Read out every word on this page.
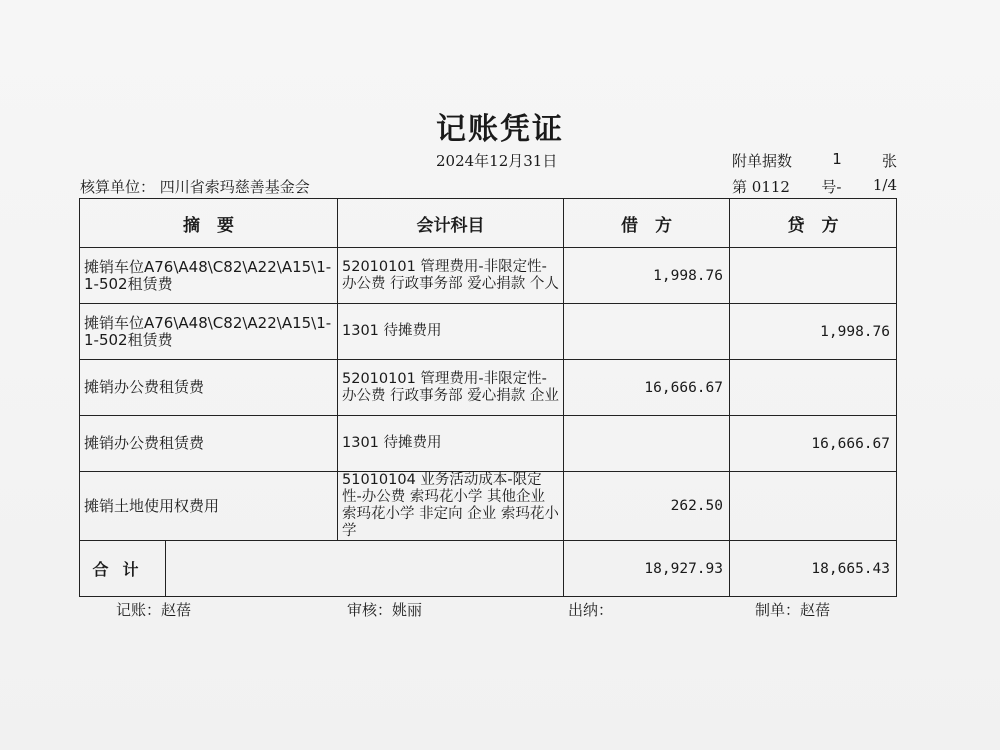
记账凭证
2024年12月31日	附单据数	1	张
核算单位： 四川省索玛慈善基金会	第 0112 号- 1/4
摘　要		会计科目	借　方	贷　方
摊销车位A76\A48\C82\A22\A15\1-1-502租赁费		52010101 管理费用-非限定性-办公费 行政事务部 爱心捐款 个人	1,998.76	
摊销车位A76\A48\C82\A22\A15\1-1-502租赁费		1301 待摊费用		1,998.76
摊销办公费租赁费		52010101 管理费用-非限定性-办公费 行政事务部 爱心捐款 企业	16,666.67	
摊销办公费租赁费		1301 待摊费用		16,666.67
摊销土地使用权费用		51010104 业务活动成本-限定性-办公费 索玛花小学 其他企业 索玛花小学 非定向 企业 索玛花小学	262.50	
合计			18,927.93	18,665.43
记账：赵蓓	审核：姚丽	出纳：	制单：赵蓓
